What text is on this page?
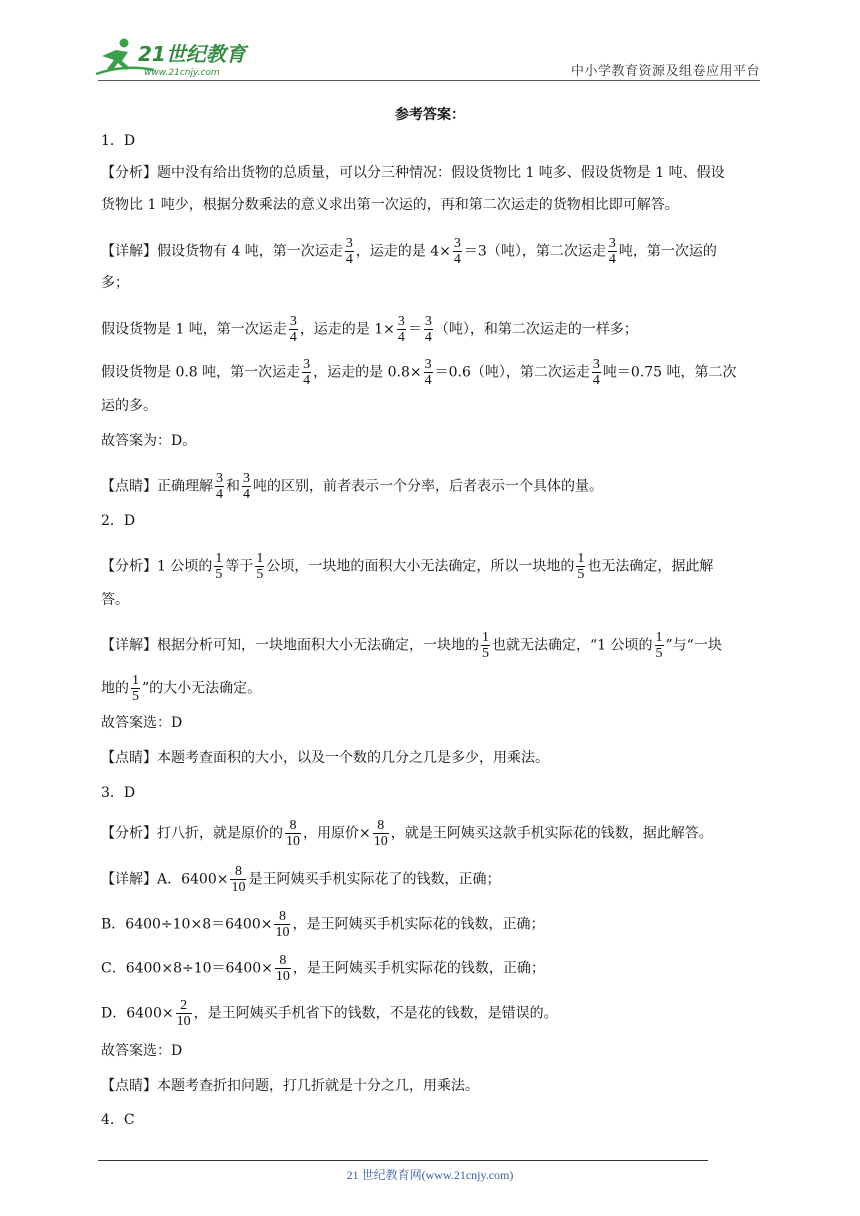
21世纪教育
www.21cnjy.com	中小学教育资源及组卷应用平台
参考答案：
1．D
【分析】题中没有给出货物的总质量，可以分三种情况：假设货物比 1 吨多、假设货物是 1 吨、假设
货物比 1 吨少，根据分数乘法的意义求出第一次运的，再和第二次运走的货物相比即可解答。
【详解】假设货物有 4 吨，第一次运走 $\frac{3}{4}$ ，运走的是 $4\times \frac{3}{4} =3$（吨），第二次运走 $\frac{3}{4}$ 吨，第一次运的
多；
假设货物是 1 吨，第一次运走 $\frac{3}{4}$ ，运走的是 $1\times \frac{3}{4} = \frac{3}{4}$ （吨），和第二次运走的一样多；
假设货物是 0.8 吨，第一次运走 $\frac{3}{4}$ ，运走的是 $0.8\times \frac{3}{4} =0.6$（吨），第二次运走 $\frac{3}{4}$ 吨＝0.75 吨，第二次
运的多。
故答案为：D。
【点睛】正确理解 $\frac{3}{4}$ 和 $\frac{3}{4}$ 吨的区别，前者表示一个分率，后者表示一个具体的量。
2．D
【分析】1 公顷的 $\frac{1}{5}$ 等于 $\frac{1}{5}$ 公顷，一块地的面积大小无法确定，所以一块地的 $\frac{1}{5}$ 也无法确定，据此解
答。
【详解】根据分析可知，一块地面积大小无法确定，一块地的 $\frac{1}{5}$ 也就无法确定，“1 公顷的 $\frac{1}{5}$ ”与“一块
地的 $\frac{1}{5}$ ”的大小无法确定。
故答案选：D
【点睛】本题考查面积的大小，以及一个数的几分之几是多少，用乘法。
3．D
【分析】打八折，就是原价的 $\frac{8}{10}$ ，用原价× $\frac{8}{10}$ ，就是王阿姨买这款手机实际花的钱数，据此解答。
【详解】A．$6400\times \frac{8}{10}$ 是王阿姨买手机实际花了的钱数，正确；
B．$6400\div 10\times 8=6400\times \frac{8}{10}$ ，是王阿姨买手机实际花的钱数，正确；
C．$6400\times 8\div 10=6400\times \frac{8}{10}$ ，是王阿姨买手机实际花的钱数，正确；
D．$6400\times \frac{2}{10}$ ，是王阿姨买手机省下的钱数，不是花的钱数，是错误的。
故答案选：D
【点睛】本题考查折扣问题，打几折就是十分之几，用乘法。
4．C
21 世纪教育网(www.21cnjy.com)
